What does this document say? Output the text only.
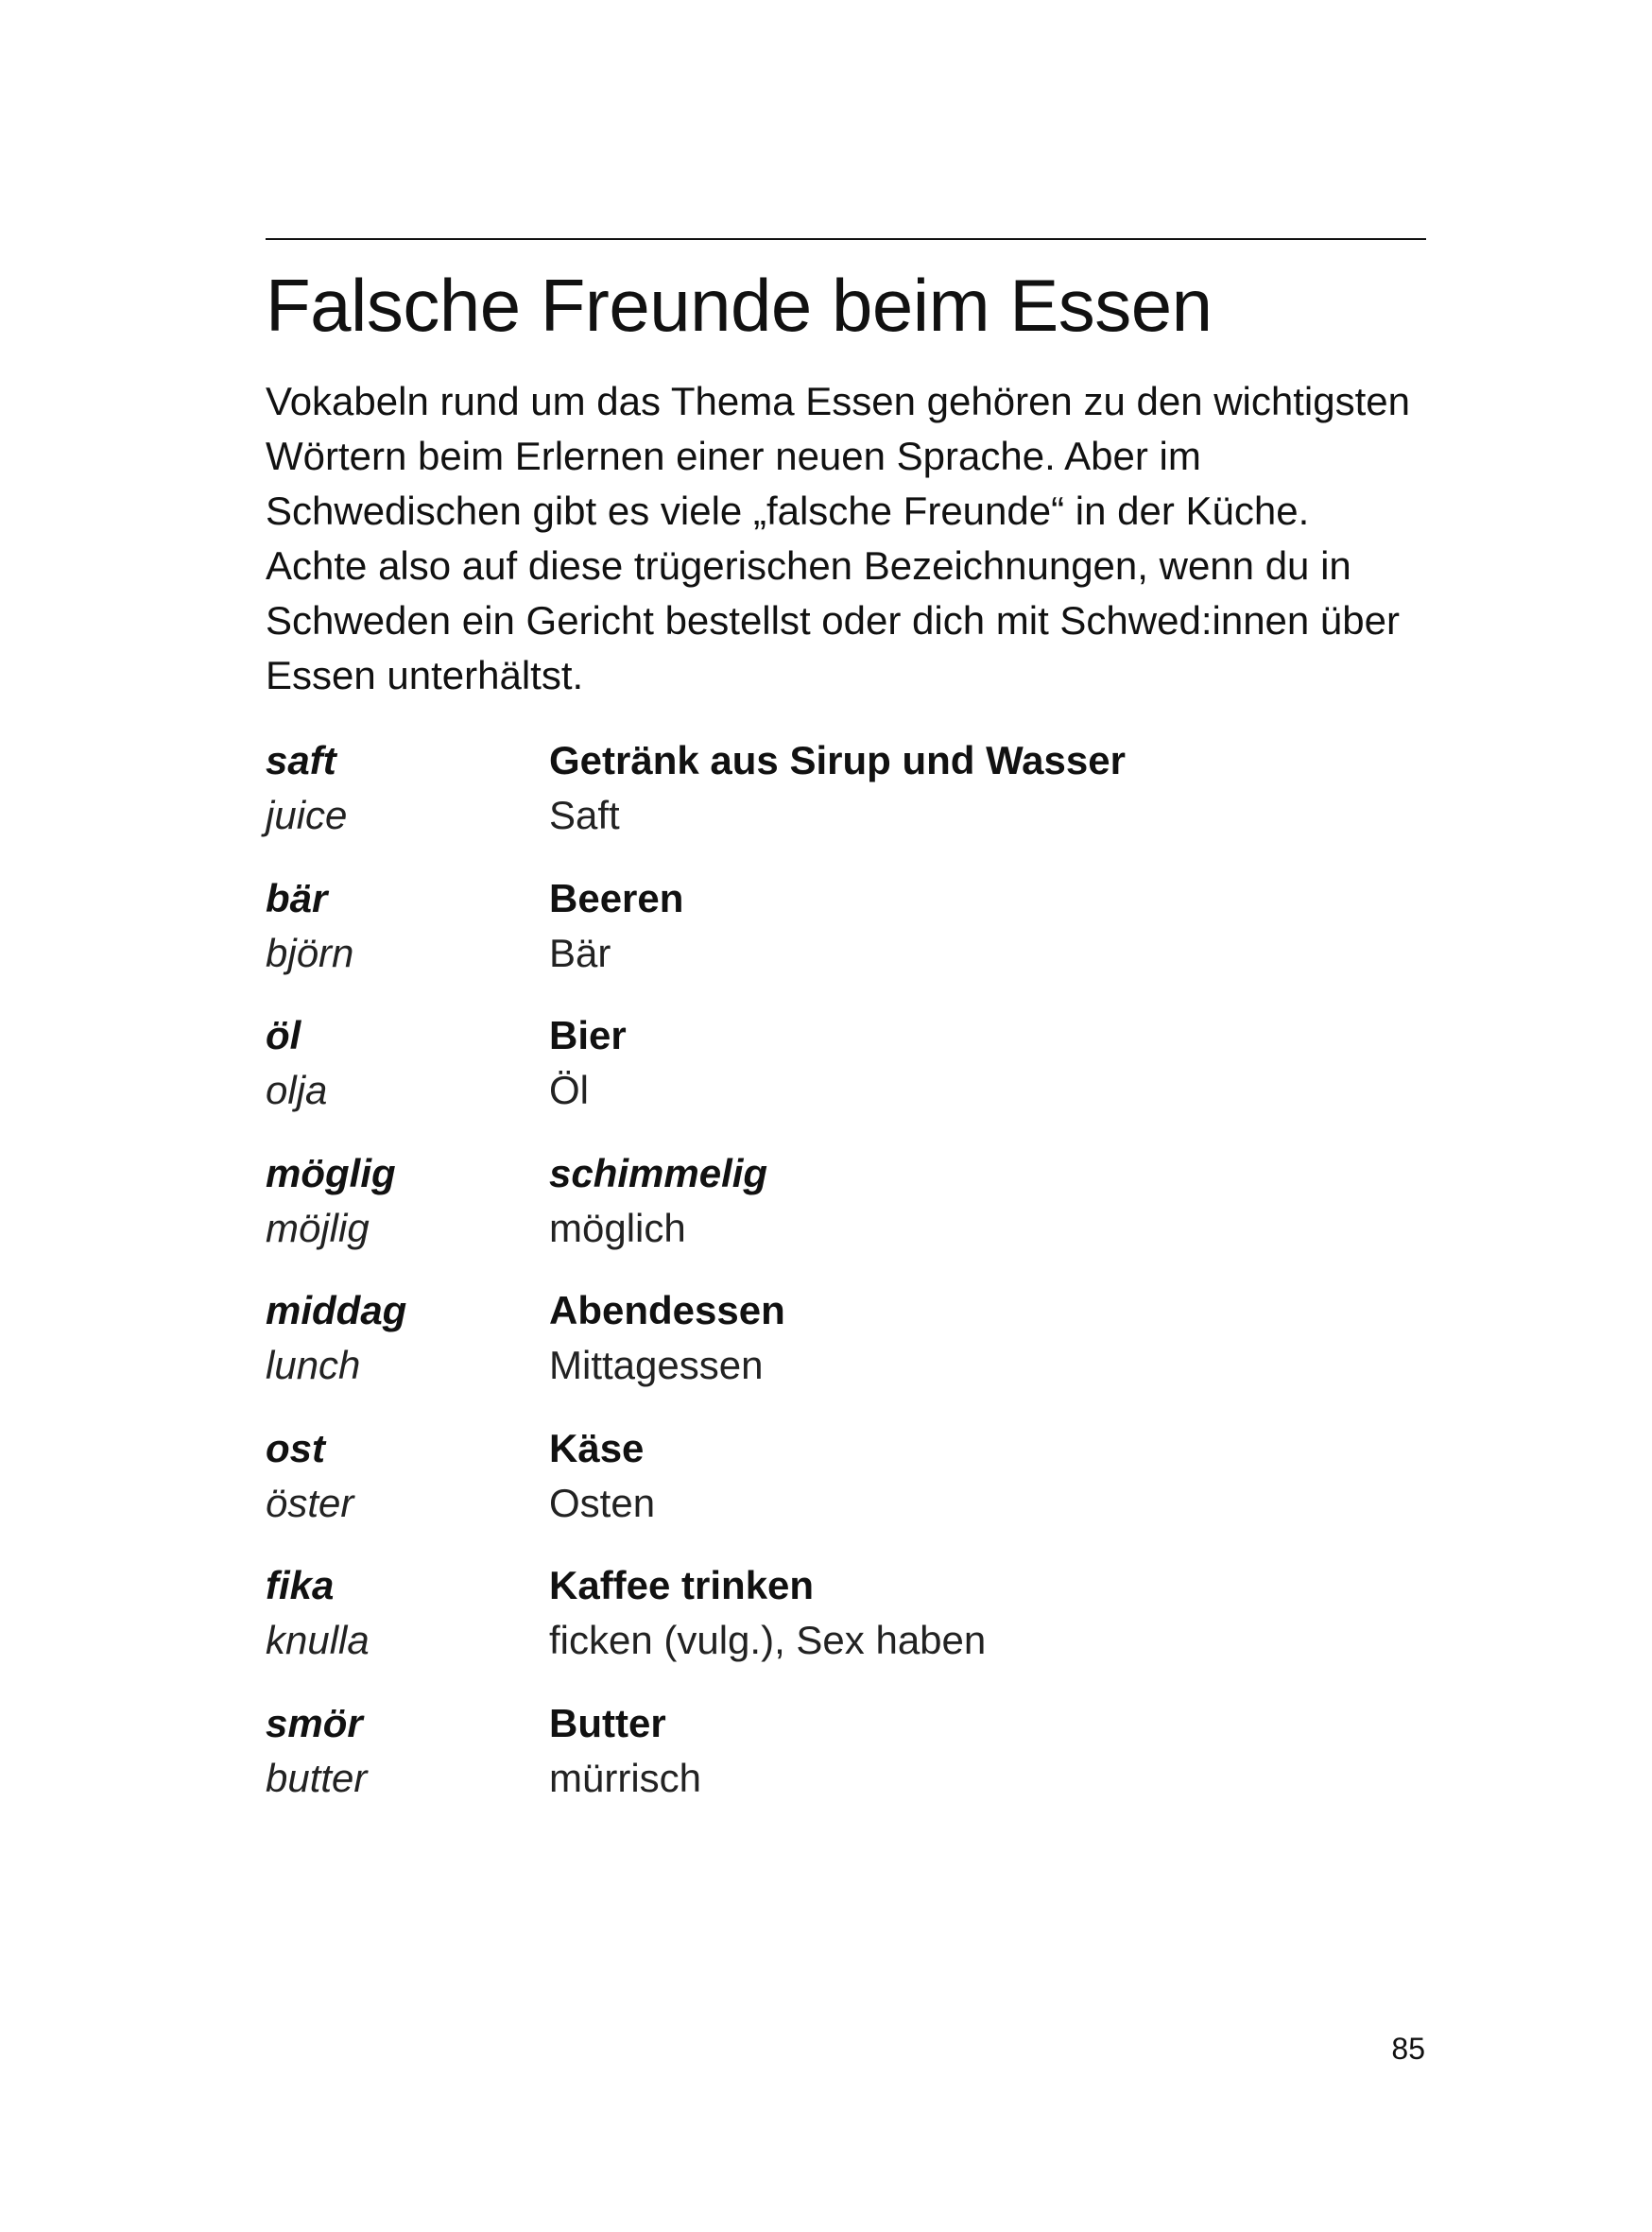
Falsche Freunde beim Essen
Vokabeln rund um das Thema Essen gehören zu den wichtigsten
Wörtern beim Erlernen einer neuen Sprache. Aber im
Schwedischen gibt es viele „falsche Freunde“ in der Küche.
Achte also auf diese trügerischen Bezeichnungen, wenn du in
Schweden ein Gericht bestellst oder dich mit Schwed:innen über
Essen unterhältst.
saft	Getränk aus Sirup und Wasser
juice	Saft
bär	Beeren
björn	Bär
öl	Bier
olja	Öl
möglig	schimmelig
möjlig	möglich
middag	Abendessen
lunch	Mittagessen
ost	Käse
öster	Osten
fika	Kaffee trinken
knulla	ficken (vulg.), Sex haben
smör	Butter
butter	mürrisch
85
